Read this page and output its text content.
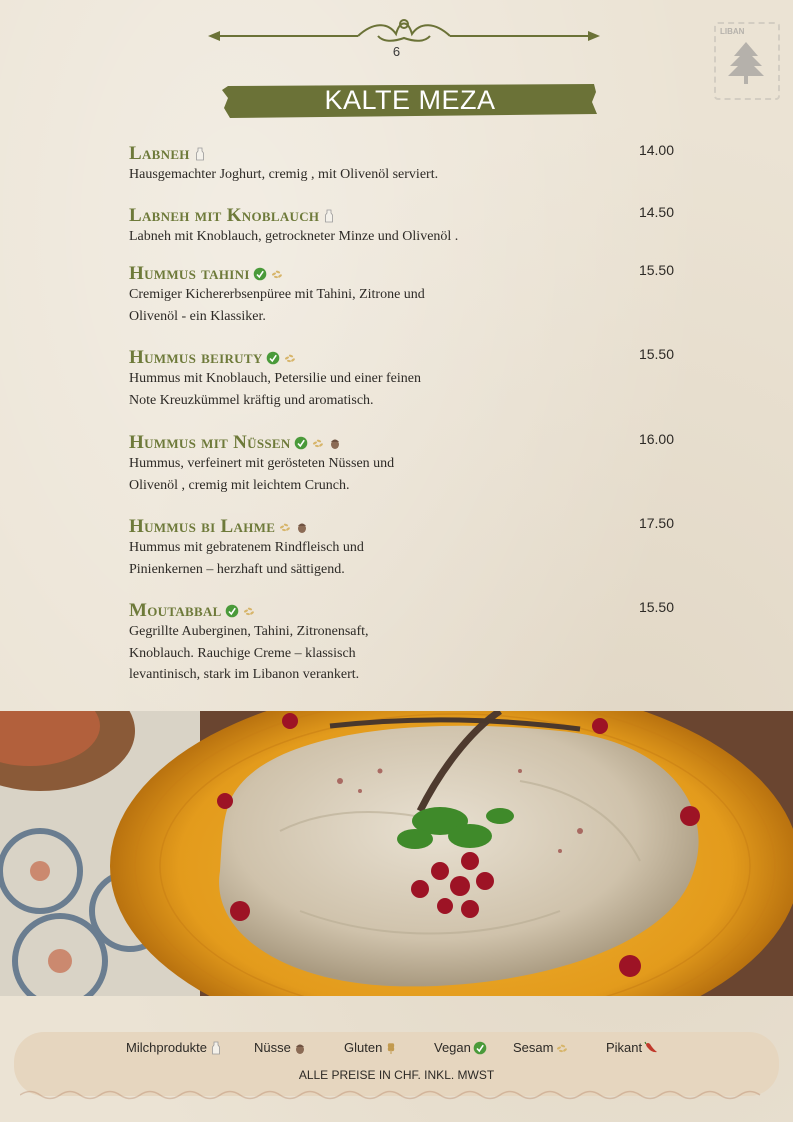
6
LIBAN
KALTE MEZA
Labneh	14.00
Hausgemachter Joghurt, cremig , mit Olivenöl serviert.
Labneh mit Knoblauch	14.50
Labneh mit Knoblauch, getrockneter Minze und Olivenöl .
Hummus tahini	15.50
Cremiger Kichererbsenpüree mit Tahini, Zitrone und
Olivenöl - ein Klassiker.
Hummus beiruty	15.50
Hummus mit Knoblauch, Petersilie und einer feinen
Note Kreuzkümmel kräftig und aromatisch.
Hummus mit Nüssen	16.00
Hummus, verfeinert mit gerösteten Nüssen und
Olivenöl , cremig mit leichtem Crunch.
Hummus bi Lahme	17.50
Hummus mit gebratenem Rindfleisch und
Pinienkernen – herzhaft und sättigend.
Moutabbal	15.50
Gegrillte Auberginen, Tahini, Zitronensaft,
Knoblauch. Rauchige Creme – klassisch
levantinisch, stark im Libanon verankert.
Milchprodukte	Nüsse	Gluten	Vegan	Sesam	Pikant
ALLE PREISE IN CHF. INKL. MWST
